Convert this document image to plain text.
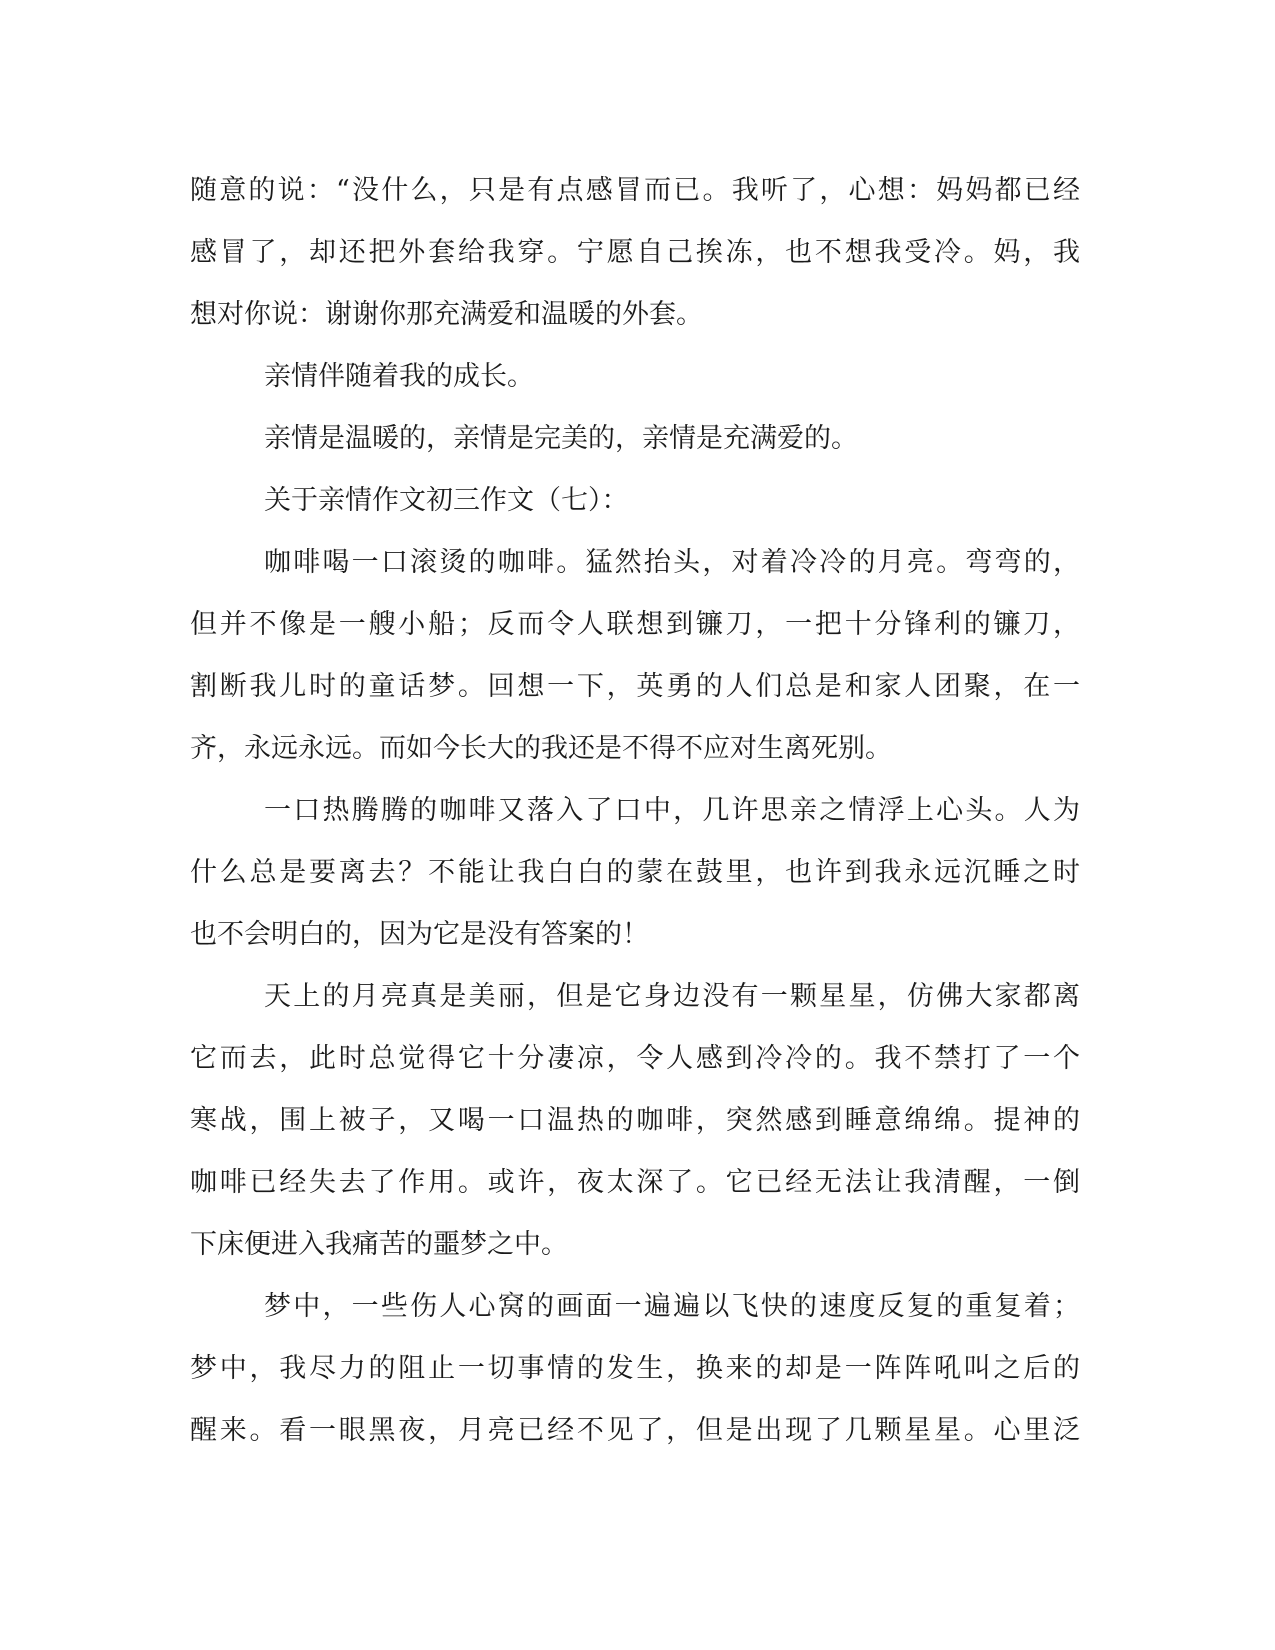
随意的说：“没什么，只是有点感冒而已。我听了，心想：妈妈都已经
感冒了，却还把外套给我穿。宁愿自己挨冻，也不想我受冷。妈，我
想对你说：谢谢你那充满爱和温暖的外套。
亲情伴随着我的成长。
亲情是温暖的，亲情是完美的，亲情是充满爱的。
关于亲情作文初三作文（七）：
咖啡喝一口滚烫的咖啡。猛然抬头，对着冷冷的月亮。弯弯的，
但并不像是一艘小船；反而令人联想到镰刀，一把十分锋利的镰刀，
割断我儿时的童话梦。回想一下，英勇的人们总是和家人团聚，在一
齐，永远永远。而如今长大的我还是不得不应对生离死别。
一口热腾腾的咖啡又落入了口中，几许思亲之情浮上心头。人为
什么总是要离去？不能让我白白的蒙在鼓里，也许到我永远沉睡之时
也不会明白的，因为它是没有答案的！
天上的月亮真是美丽，但是它身边没有一颗星星，仿佛大家都离
它而去，此时总觉得它十分凄凉，令人感到冷冷的。我不禁打了一个
寒战，围上被子，又喝一口温热的咖啡，突然感到睡意绵绵。提神的
咖啡已经失去了作用。或许，夜太深了。它已经无法让我清醒，一倒
下床便进入我痛苦的噩梦之中。
梦中，一些伤人心窝的画面一遍遍以飞快的速度反复的重复着；
梦中，我尽力的阻止一切事情的发生，换来的却是一阵阵吼叫之后的
醒来。看一眼黑夜，月亮已经不见了，但是出现了几颗星星。心里泛
